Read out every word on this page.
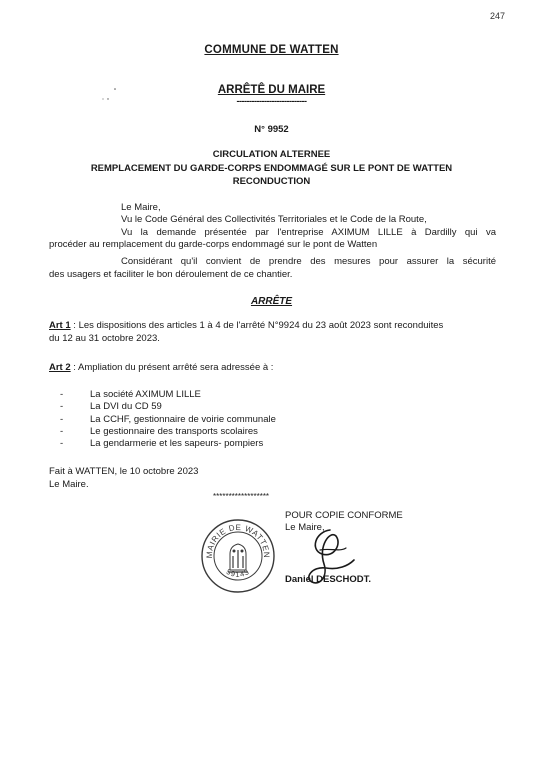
247
COMMUNE DE WATTEN
ARRÊTÊ DU MAIRE
----------------------------
N° 9952
CIRCULATION ALTERNEE
REMPLACEMENT DU GARDE-CORPS ENDOMMAGÉ SUR LE PONT DE WATTEN
RECONDUCTION
Le Maire,
Vu le Code Général des Collectivités Territoriales et le Code de la Route,
Vu la demande présentée par l'entreprise AXIMUM LILLE à Dardilly qui va
procéder au remplacement du garde-corps endommagé sur le pont de Watten
Considérant qu'il convient de prendre des mesures pour assurer la sécurité
des usagers et faciliter le bon déroulement de ce chantier.
ARRÊTE
Art 1 : Les dispositions des articles 1 à 4 de l'arrêté N°9924 du 23 août 2023 sont reconduites
du 12 au 31 octobre 2023.
Art 2 : Ampliation du présent arrêté sera adressée à :
- La société AXIMUM LILLE
- La DVI du CD 59
- La CCHF, gestionnaire de voirie communale
- Le gestionnaire des transports scolaires
- La gendarmerie et les sapeurs- pompiers
Fait à WATTEN, le 10 octobre 2023
Le Maire.
******************
POUR COPIE CONFORME
Le Maire,
MAIRIE DE WATTEN
59143
Daniel DESCHODT.
